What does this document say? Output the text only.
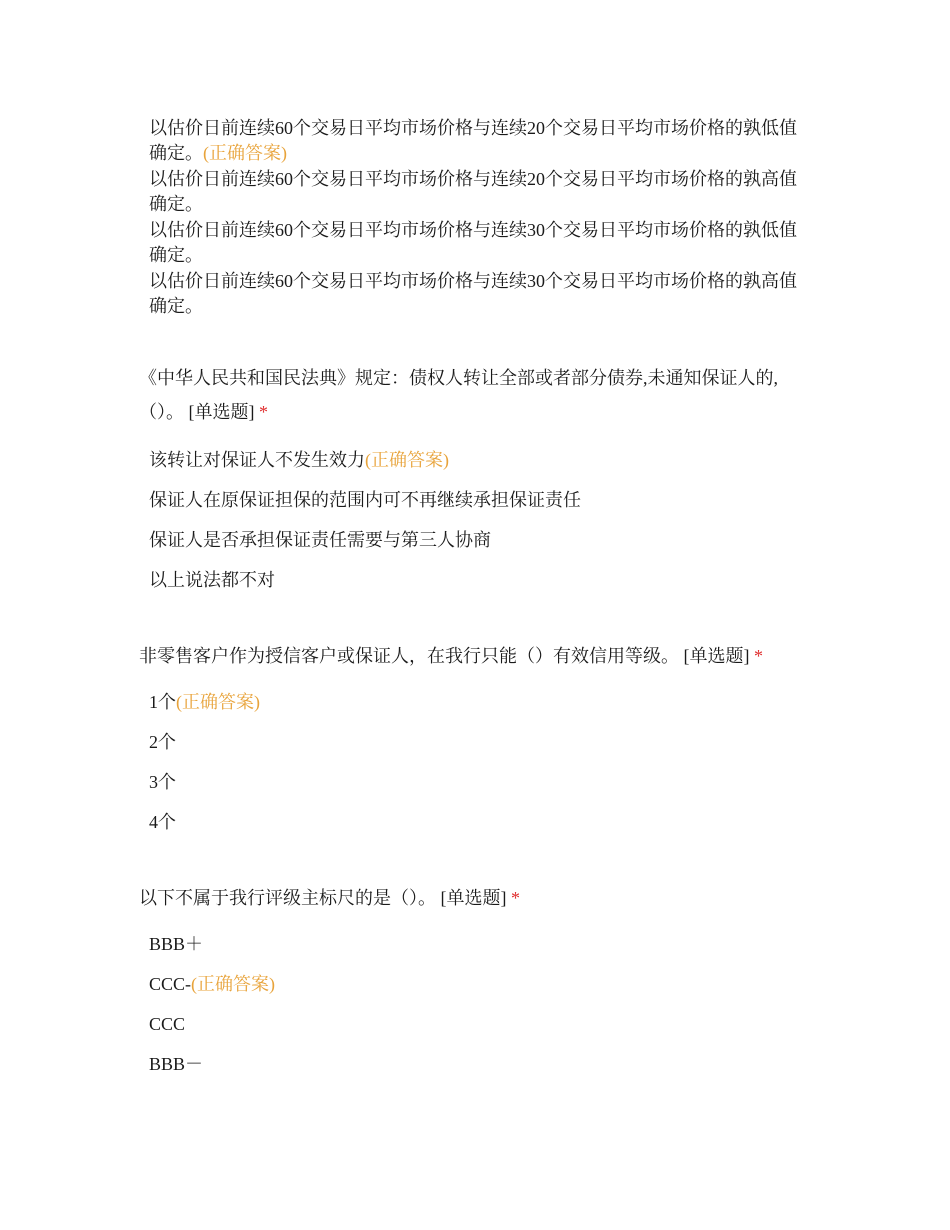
以估价日前连续60个交易日平均市场价格与连续20个交易日平均市场价格的孰低值确定。(正确答案)
以估价日前连续60个交易日平均市场价格与连续20个交易日平均市场价格的孰高值确定。
以估价日前连续60个交易日平均市场价格与连续30个交易日平均市场价格的孰低值确定。
以估价日前连续60个交易日平均市场价格与连续30个交易日平均市场价格的孰高值确定。
《中华人民共和国民法典》规定：债权人转让全部或者部分债券,未通知保证人的,（）。 [单选题] *
该转让对保证人不发生效力(正确答案)
保证人在原保证担保的范围内可不再继续承担保证责任
保证人是否承担保证责任需要与第三人协商
以上说法都不对
非零售客户作为授信客户或保证人，在我行只能（）有效信用等级。 [单选题] *
1个(正确答案)
2个
3个
4个
以下不属于我行评级主标尺的是（）。 [单选题] *
BBB＋
CCC-(正确答案)
CCC
BBB－
